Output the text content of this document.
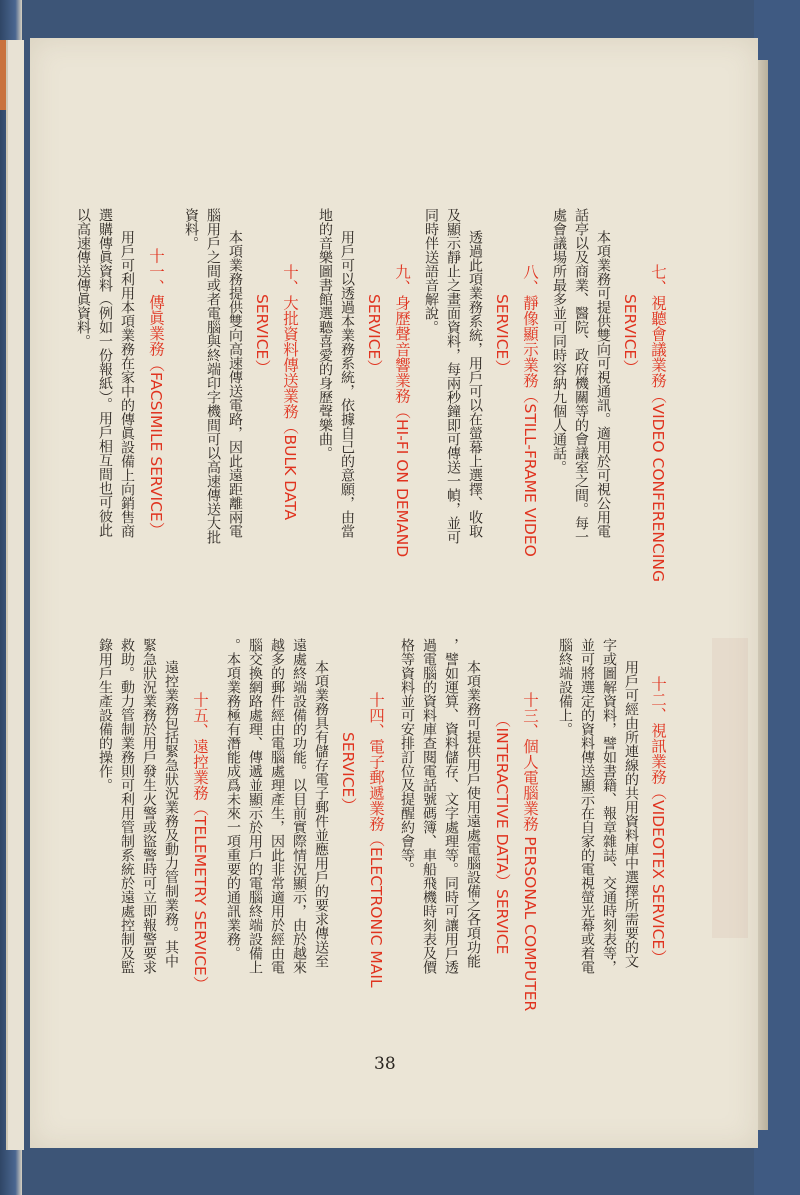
七、視聽會議業務（VIDEO CONFERENCING
SERVICE）
本項業務可提供雙向可視通訊。適用於可視公用電
話亭以及商業、醫院、政府機關等的會議室之間。每一
處會議場所最多並可同時容納九個人通話。
八、靜像顯示業務（STILL-FRAME VIDEO
SERVICE）
透過此項業務系統，用戶可以在螢幕上選擇、收取
及顯示靜止之畫面資料，每兩秒鐘即可傳送一幀，並可
同時伴送語音解說。
九、身歷聲音響業務（HI-FI ON DEMAND
SERVICE）
用戶可以透過本業務系統，依據自己的意願，由當
地的音樂圖書館選聽喜愛的身歷聲樂曲。
十、大批資料傳送業務（BULK DATA
SERVICE）
本項業務提供雙向高速傳送電路，因此遠距離兩電
腦用戶之間或者電腦與終端印字機間可以高速傳送大批
資料。
十一、傳眞業務（FACSIMILE SERVICE）
用戶可利用本項業務在家中的傳眞設備上向銷售商
選購傳眞資料（例如一份報紙）。用戶相互間也可彼此
以高速傳送傳眞資料。
十二、視訊業務（VIDEOTEX SERVICE）
用戶可經由所連線的共用資料庫中選擇所需要的文
字或圖解資料，譬如書籍、報章雜誌、交通時刻表等，
並可將選定的資料傳送顯示在自家的電視螢光幕或着電
腦終端設備上。
十三、個人電腦業務 PERSONAL COMPUTER
（INTERACTIVE DATA）SERVICE
本項業務可提供用戶使用遠處電腦設備之各項功能
，譬如運算、資料儲存、文字處理等。同時可讓用戶透
過電腦的資料庫查閱電話號碼簿、車船飛機時刻表及價
格等資料並可安排訂位及提醒約會等。
十四、電子郵遞業務（ELECTRONIC MAIL
SERVICE）
本項業務具有儲存電子郵件並應用戶的要求傳送至
遠處終端設備的功能。以目前實際情況顯示，由於越來
越多的郵件經由電腦處理產生，因此非常適用於經由電
腦交換網路處理、傳遞並顯示於用戶的電腦終端設備上
。本項業務極有潛能成爲未來一項重要的通訊業務。
十五、遠控業務（TELEMETRY SERVICE）
遠控業務包括緊急狀況業務及動力管制業務。其中
緊急狀況業務於用戶發生火警或盜警時可立即報警要求
救助。動力管制業務則可利用管制系統於遠處控制及監
錄用戶生產設備的操作。
38
